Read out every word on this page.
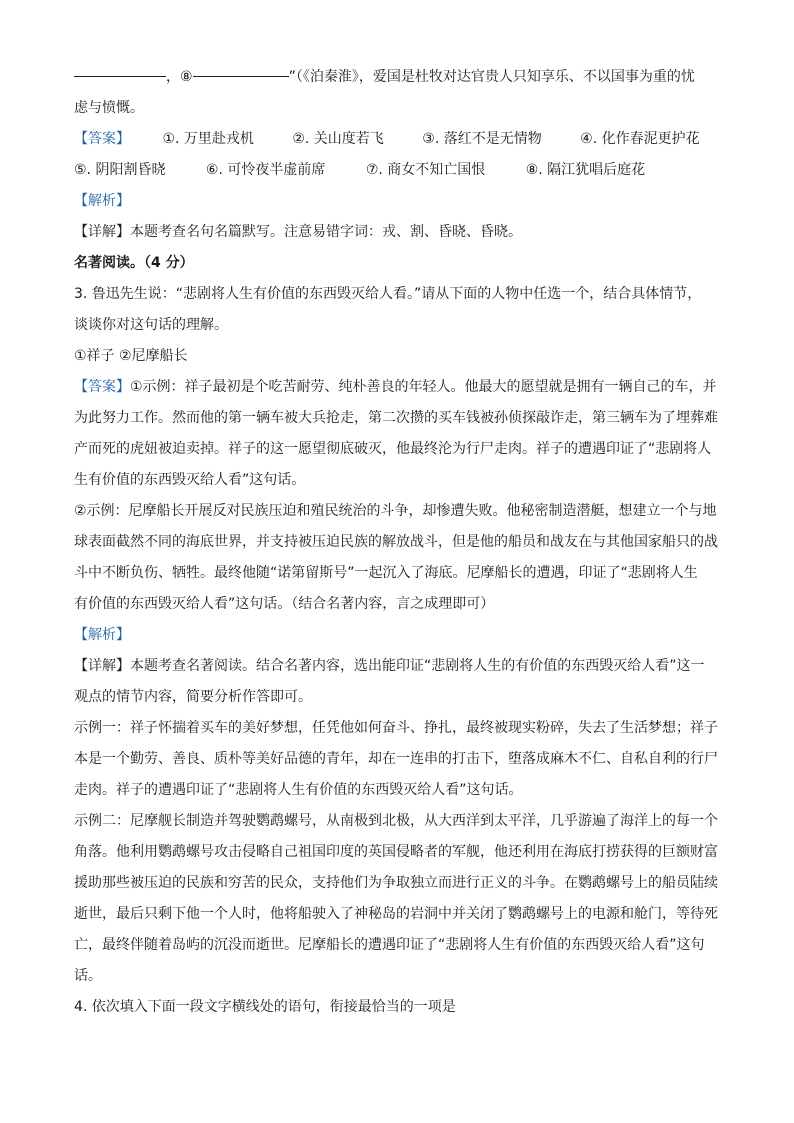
，⑧	”（《泊秦淮》，爱国是杜牧对达官贵人只知享乐、不以国事为重的忧
虑与愤慨。
【答案】 ①. 万里赴戎机	②. 关山度若飞	③. 落红不是无情物	④. 化作春泥更护花
⑤. 阴阳割昏晓	⑥. 可怜夜半虚前席	⑦. 商女不知亡国恨	⑧. 隔江犹唱后庭花
【解析】
【详解】本题考查名句名篇默写。注意易错字词：戎、割、昏晓、昏晓。
名著阅读。（4 分）
3. 鲁迅先生说：“悲剧将人生有价值的东西毁灭给人看。”请从下面的人物中任选一个，结合具体情节，
谈谈你对这句话的理解。
①祥子 ②尼摩船长
【答案】①示例：祥子最初是个吃苦耐劳、纯朴善良的年轻人。他最大的愿望就是拥有一辆自己的车，并
为此努力工作。然而他的第一辆车被大兵抢走，第二次攒的买车钱被孙侦探敲诈走，第三辆车为了埋葬难
产而死的虎妞被迫卖掉。祥子的这一愿望彻底破灭，他最终沦为行尸走肉。祥子的遭遇印证了“悲剧将人
生有价值的东西毁灭给人看”这句话。
②示例：尼摩船长开展反对民族压迫和殖民统治的斗争，却惨遭失败。他秘密制造潜艇，想建立一个与地
球表面截然不同的海底世界，并支持被压迫民族的解放战斗，但是他的船员和战友在与其他国家船只的战
斗中不断负伤、牺牲。最终他随“诺第留斯号”一起沉入了海底。尼摩船长的遭遇，印证了“悲剧将人生
有价值的东西毁灭给人看”这句话。（结合名著内容，言之成理即可）
【解析】
【详解】本题考查名著阅读。结合名著内容，选出能印证“悲剧将人生的有价值的东西毁灭给人看”这一
观点的情节内容，简要分析作答即可。
示例一：祥子怀揣着买车的美好梦想，任凭他如何奋斗、挣扎，最终被现实粉碎，失去了生活梦想；祥子
本是一个勤劳、善良、质朴等美好品德的青年，却在一连串的打击下，堕落成麻木不仁、自私自利的行尸
走肉。祥子的遭遇印证了“悲剧将人生有价值的东西毁灭给人看”这句话。
示例二：尼摩舰长制造并驾驶鹦鹉螺号，从南极到北极，从大西洋到太平洋，几乎游遍了海洋上的每一个
角落。他利用鹦鹉螺号攻击侵略自己祖国印度的英国侵略者的军舰，他还利用在海底打捞获得的巨额财富
援助那些被压迫的民族和穷苦的民众，支持他们为争取独立而进行正义的斗争。在鹦鹉螺号上的船员陆续
逝世，最后只剩下他一个人时，他将船驶入了神秘岛的岩洞中并关闭了鹦鹉螺号上的电源和舱门，等待死
亡，最终伴随着岛屿的沉没而逝世。尼摩船长的遭遇印证了“悲剧将人生有价值的东西毁灭给人看”这句
话。
4. 依次填入下面一段文字横线处的语句，衔接最恰当的一项是
